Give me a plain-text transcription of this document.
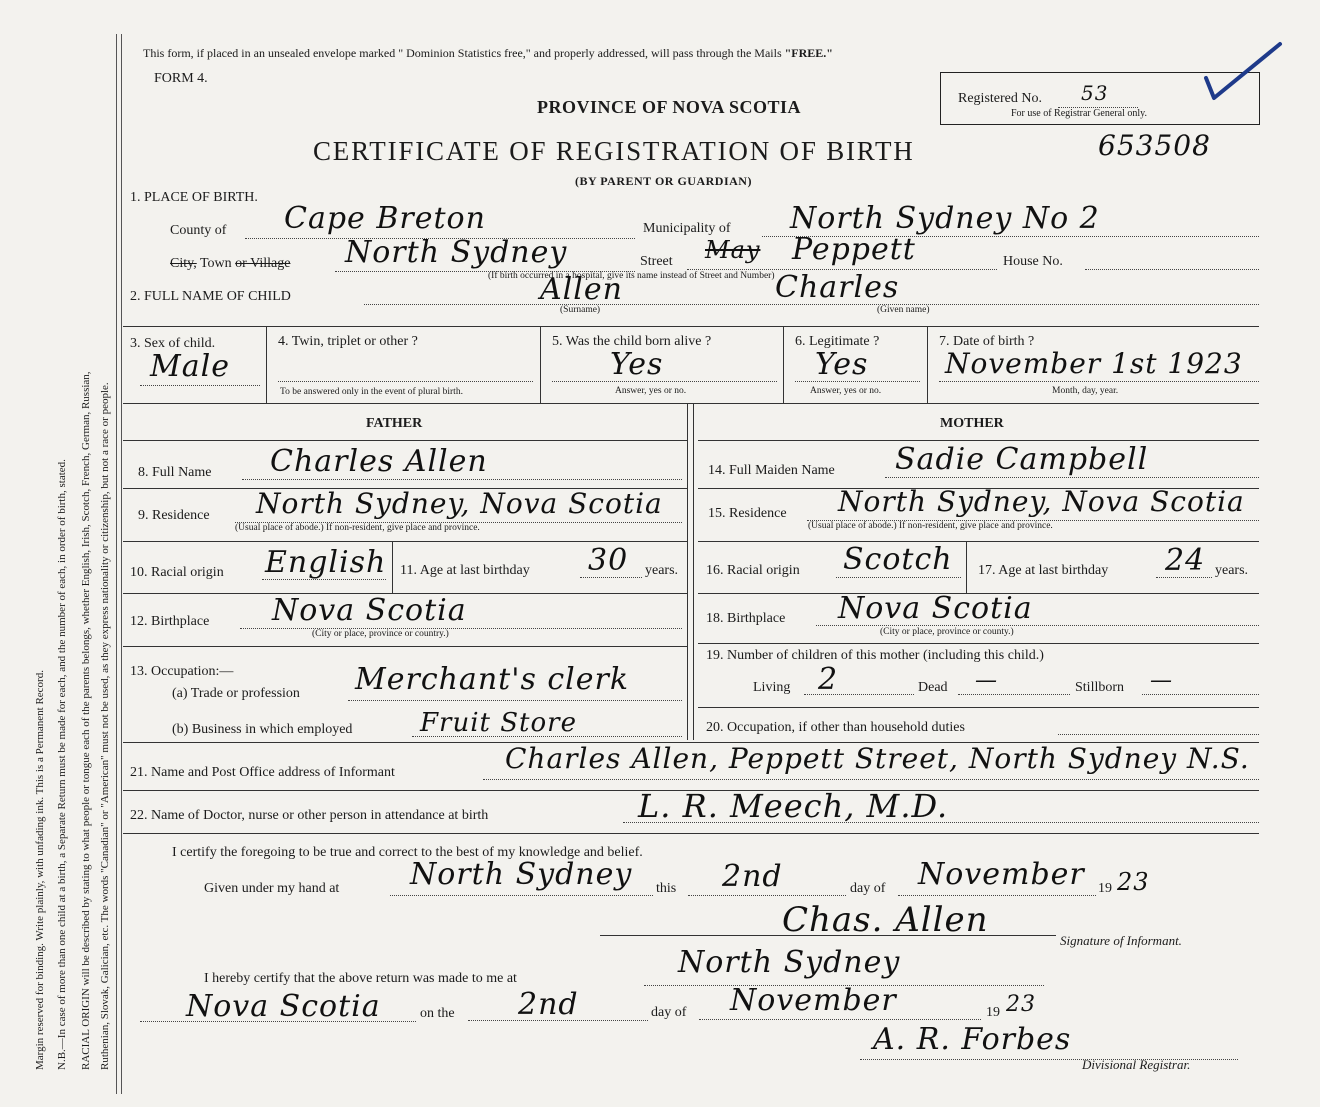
Margin reserved for binding. Write plainly, with unfading ink. This is a Permanent Record. N.B.—In case of more than one child at a birth, a Separate Return must be made for each, and the number of each, in order of birth, stated.	RACIAL ORIGIN will be described by stating to what people or tongue each of the parents belongs, whether English, Irish, Scotch, French, German, Russian, Ruthenian, Slovak, Galician, etc. The words "Canadian" or "American" must not be used, as they express nationality or citizenship, but not a race or people.
This form, if placed in an unsealed envelope marked " Dominion Statistics free," and properly addressed, will pass through the Mails "FREE."
FORM 4.
PROVINCE OF NOVA SCOTIA	Registered No. 53
For use of Registrar General only.
CERTIFICATE OF REGISTRATION OF BIRTH	653508
(BY PARENT OR GUARDIAN)
1. PLACE OF BIRTH.
County of Cape Breton	Municipality of North Sydney No 2
City, Town or Village North Sydney	Street May Peppett	House No.
(If birth occurred in a hospital, give its name instead of Street and Number)
2. FULL NAME OF CHILD	Allen
(Surname)
Charles
(Given name)
3. Sex of child.
Male
4. Twin, triplet or other ?
To be answered only in the event of plural birth.
5. Was the child born alive ?
Yes
Answer, yes or no.
6. Legitimate ?
Yes
Answer, yes or no.
7. Date of birth ?
November 1st 1923
Month, day, year.
FATHER	MOTHER
8. Full Name Charles Allen	14. Full Maiden Name Sadie Campbell
9. Residence North Sydney, Nova Scotia
(Usual place of abode.) If non-resident, give place and province.
15. Residence North Sydney, Nova Scotia
(Usual place of abode.) If non-resident, give place and province.
10. Racial origin English 11. Age at last birthday 30 years. 16. Racial origin Scotch 17. Age at last birthday 24 years.
12. Birthplace Nova Scotia
(City or place, province or country.)
18. Birthplace Nova Scotia
(City or place, province or county.)
13. Occupation:—
(a) Trade or profession Merchant's clerk
(b) Business in which employed	Fruit Store
19. Number of children of this mother (including this child.)
Living 2	Dead —	Stillborn —
20. Occupation, if other than household duties
21. Name and Post Office address of Informant	Charles Allen, Peppett Street, North Sydney N.S.
22. Name of Doctor, nurse or other person in attendance at birth	L. R. Meech, M.D.
I certify the foregoing to be true and correct to the best of my knowledge and belief.
Given under my hand at North Sydney this 2nd	day of November 19 23
Chas. Allen
Signature of Informant.
I hereby certify that the above return was made to me at	North Sydney
Nova Scotia	on the 2nd	day of November	19 23
A. R. Forbes
Divisional Registrar.
